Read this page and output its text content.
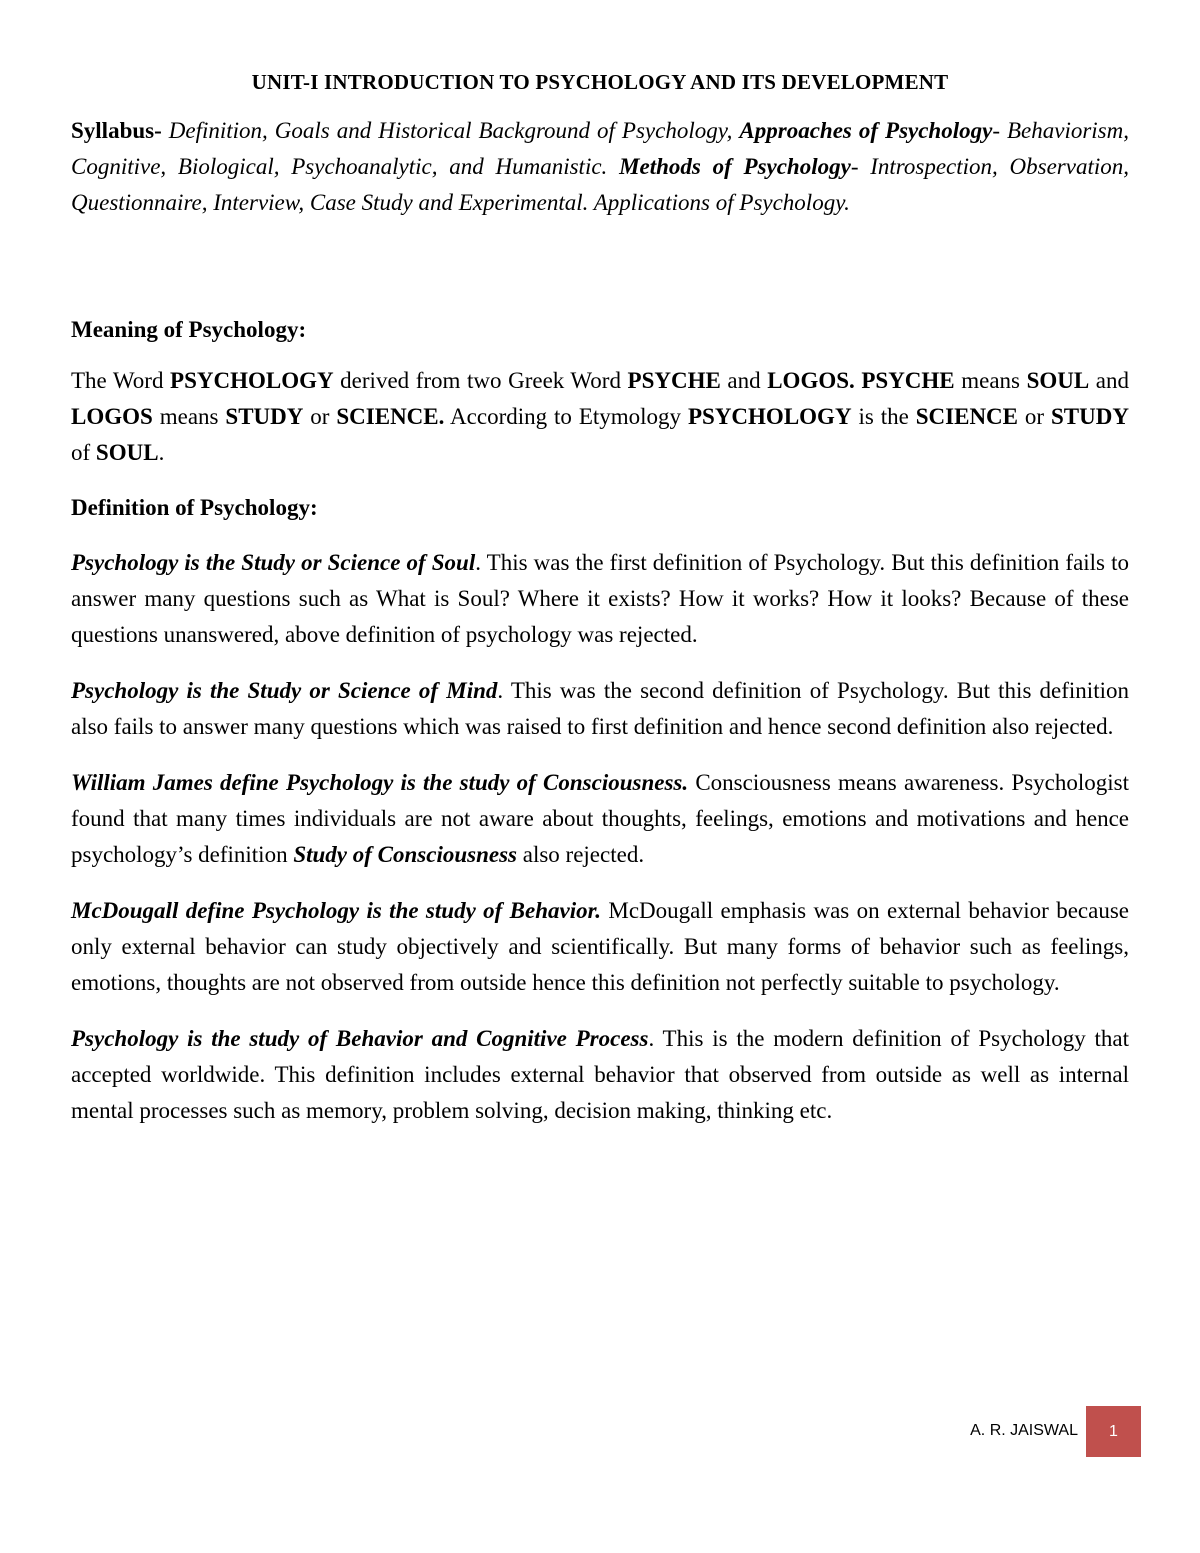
UNIT-I INTRODUCTION TO PSYCHOLOGY AND ITS DEVELOPMENT

Syllabus- Definition, Goals and Historical Background of Psychology, Approaches of Psychology- Behaviorism, Cognitive, Biological, Psychoanalytic, and Humanistic. Methods of Psychology- Introspection, Observation, Questionnaire, Interview, Case Study and Experimental. Applications of Psychology.

Meaning of Psychology:

The Word PSYCHOLOGY derived from two Greek Word PSYCHE and LOGOS. PSYCHE means SOUL and LOGOS means STUDY or SCIENCE. According to Etymology PSYCHOLOGY is the SCIENCE or STUDY of SOUL.

Definition of Psychology:

Psychology is the Study or Science of Soul. This was the first definition of Psychology. But this definition fails to answer many questions such as What is Soul? Where it exists? How it works? How it looks? Because of these questions unanswered, above definition of psychology was rejected.

Psychology is the Study or Science of Mind. This was the second definition of Psychology. But this definition also fails to answer many questions which was raised to first definition and hence second definition also rejected.

William James define Psychology is the study of Consciousness. Consciousness means awareness. Psychologist found that many times individuals are not aware about thoughts, feelings, emotions and motivations and hence psychology’s definition Study of Consciousness also rejected.

McDougall define Psychology is the study of Behavior. McDougall emphasis was on external behavior because only external behavior can study objectively and scientifically. But many forms of behavior such as feelings, emotions, thoughts are not observed from outside hence this definition not perfectly suitable to psychology.

Psychology is the study of Behavior and Cognitive Process. This is the modern definition of Psychology that accepted worldwide. This definition includes external behavior that observed from outside as well as internal mental processes such as memory, problem solving, decision making, thinking etc.

A. R. JAISWAL 1
